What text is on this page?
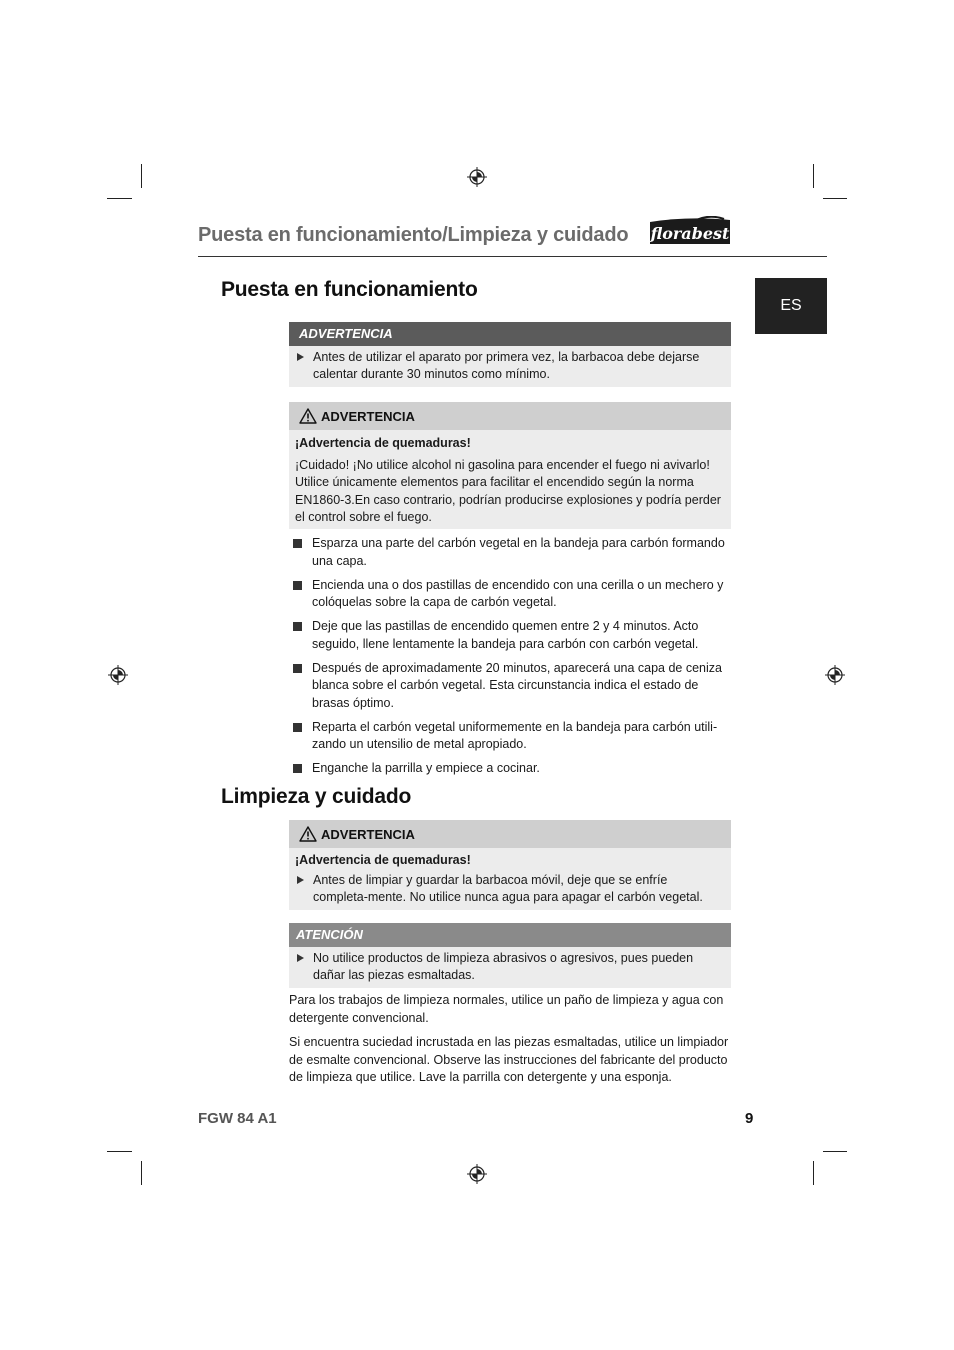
Puesta en funcionamiento/Limpieza y cuidado florabest
ES
Puesta en funcionamiento
ADVERTENCIA
Antes de utilizar el aparato por primera vez, la barbacoa debe dejarse calentar durante 30 minutos como mínimo.
ADVERTENCIA
¡Advertencia de quemaduras!
¡Cuidado! ¡No utilice alcohol ni gasolina para encender el fuego ni avivarlo! Utilice únicamente elementos para facilitar el encendido según la norma EN1860-3.En caso contrario, podrían producirse explosiones y podría perder el control sobre el fuego.
Esparza una parte del carbón vegetal en la bandeja para carbón formando una capa.
Encienda una o dos pastillas de encendido con una cerilla o un mechero y colóquelas sobre la capa de carbón vegetal.
Deje que las pastillas de encendido quemen entre 2 y 4 minutos. Acto seguido, llene lentamente la bandeja para carbón con carbón vegetal.
Después de aproximadamente 20 minutos, aparecerá una capa de ceniza blanca sobre el carbón vegetal. Esta circunstancia indica el estado de brasas óptimo.
Reparta el carbón vegetal uniformemente en la bandeja para carbón utili-zando un utensilio de metal apropiado.
Enganche la parrilla y empiece a cocinar.
Limpieza y cuidado
ADVERTENCIA
¡Advertencia de quemaduras!
Antes de limpiar y guardar la barbacoa móvil, deje que se enfríe completa-mente. No utilice nunca agua para apagar el carbón vegetal.
ATENCIÓN
No utilice productos de limpieza abrasivos o agresivos, pues pueden dañar las piezas esmaltadas.

Para los trabajos de limpieza normales, utilice un paño de limpieza y agua con detergente convencional.

Si encuentra suciedad incrustada en las piezas esmaltadas, utilice un limpiador de esmalte convencional. Observe las instrucciones del fabricante del producto de limpieza que utilice. Lave la parrilla con detergente y una esponja.

FGW 84 A1	9
